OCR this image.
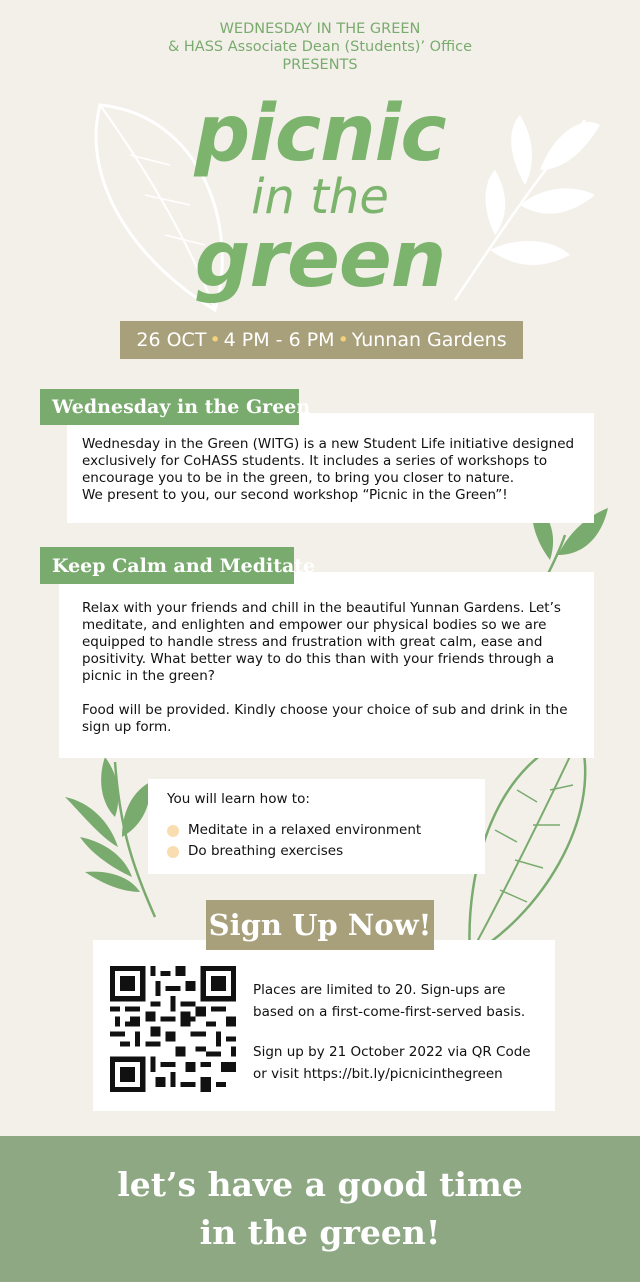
WEDNESDAY IN THE GREEN
& HASS Associate Dean (Students)’ Office
PRESENTS
picnic
in the
green
26 OCT • 4 PM - 6 PM • Yunnan Gardens
Wednesday in the Green

Wednesday in the Green (WITG) is a new Student Life initiative designed exclusively for CoHASS students. It includes a series of workshops to encourage you to be in the green, to bring you closer to nature.

We present to you, our second workshop “Picnic in the Green”!

Keep Calm and Meditate

Relax with your friends and chill in the beautiful Yunnan Gardens. Let’s meditate, and enlighten and empower our physical bodies so we are equipped to handle stress and frustration with great calm, ease and positivity. What better way to do this than with your friends through a picnic in the green?

Food will be provided. Kindly choose your choice of sub and drink in the sign up form.

You will learn how to:

Meditate in a relaxed environment
Do breathing exercises
Sign Up Now!

Places are limited to 20. Sign-ups are based on a first-come-first-served basis.

Sign up by 21 October 2022 via QR Code or visit https://bit.ly/picnicinthegreen

let’s have a good time
in the green!
